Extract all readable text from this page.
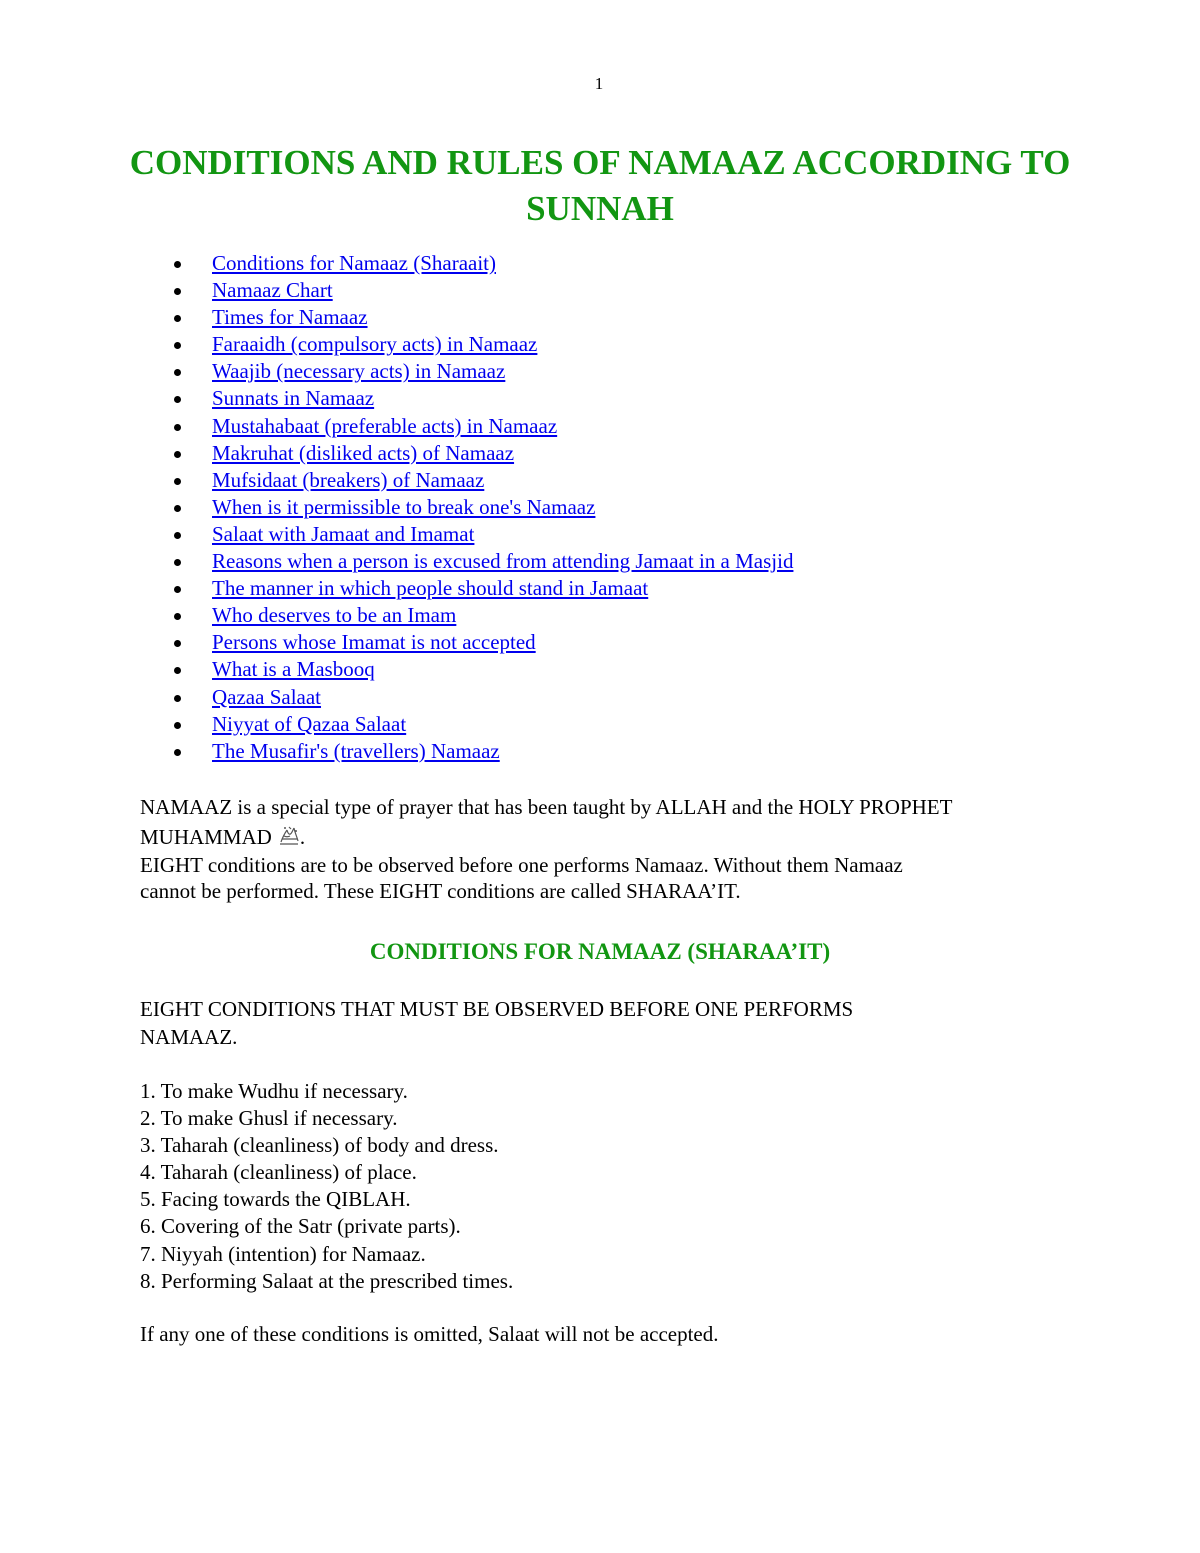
1
CONDITIONS AND RULES OF NAMAAZ ACCORDING TO SUNNAH
Conditions for Namaaz (Sharaait)
Namaaz Chart
Times for Namaaz
Faraaidh (compulsory acts) in Namaaz
Waajib (necessary acts) in Namaaz
Sunnats in Namaaz
Mustahabaat (preferable acts) in Namaaz
Makruhat (disliked acts) of Namaaz
Mufsidaat (breakers) of Namaaz
When is it permissible to break one's Namaaz
Salaat with Jamaat and Imamat
Reasons when a person is excused from attending Jamaat in a Masjid
The manner in which people should stand in Jamaat
Who deserves to be an Imam
Persons whose Imamat is not accepted
What is a Masbooq
Qazaa Salaat
Niyyat of Qazaa Salaat
The Musafir's (travellers) Namaaz
NAMAAZ is a special type of prayer that has been taught by ALLAH and the HOLY PROPHET
MUHAMMAD .
EIGHT conditions are to be observed before one performs Namaaz. Without them Namaaz
cannot be performed. These EIGHT conditions are called SHARAA’IT.
CONDITIONS FOR NAMAAZ (SHARAA’IT)
EIGHT CONDITIONS THAT MUST BE OBSERVED BEFORE ONE PERFORMS
NAMAAZ.
1. To make Wudhu if necessary.
2. To make Ghusl if necessary.
3. Taharah (cleanliness) of body and dress.
4. Taharah (cleanliness) of place.
5. Facing towards the QIBLAH.
6. Covering of the Satr (private parts).
7. Niyyah (intention) for Namaaz.
8. Performing Salaat at the prescribed times.
If any one of these conditions is omitted, Salaat will not be accepted.
